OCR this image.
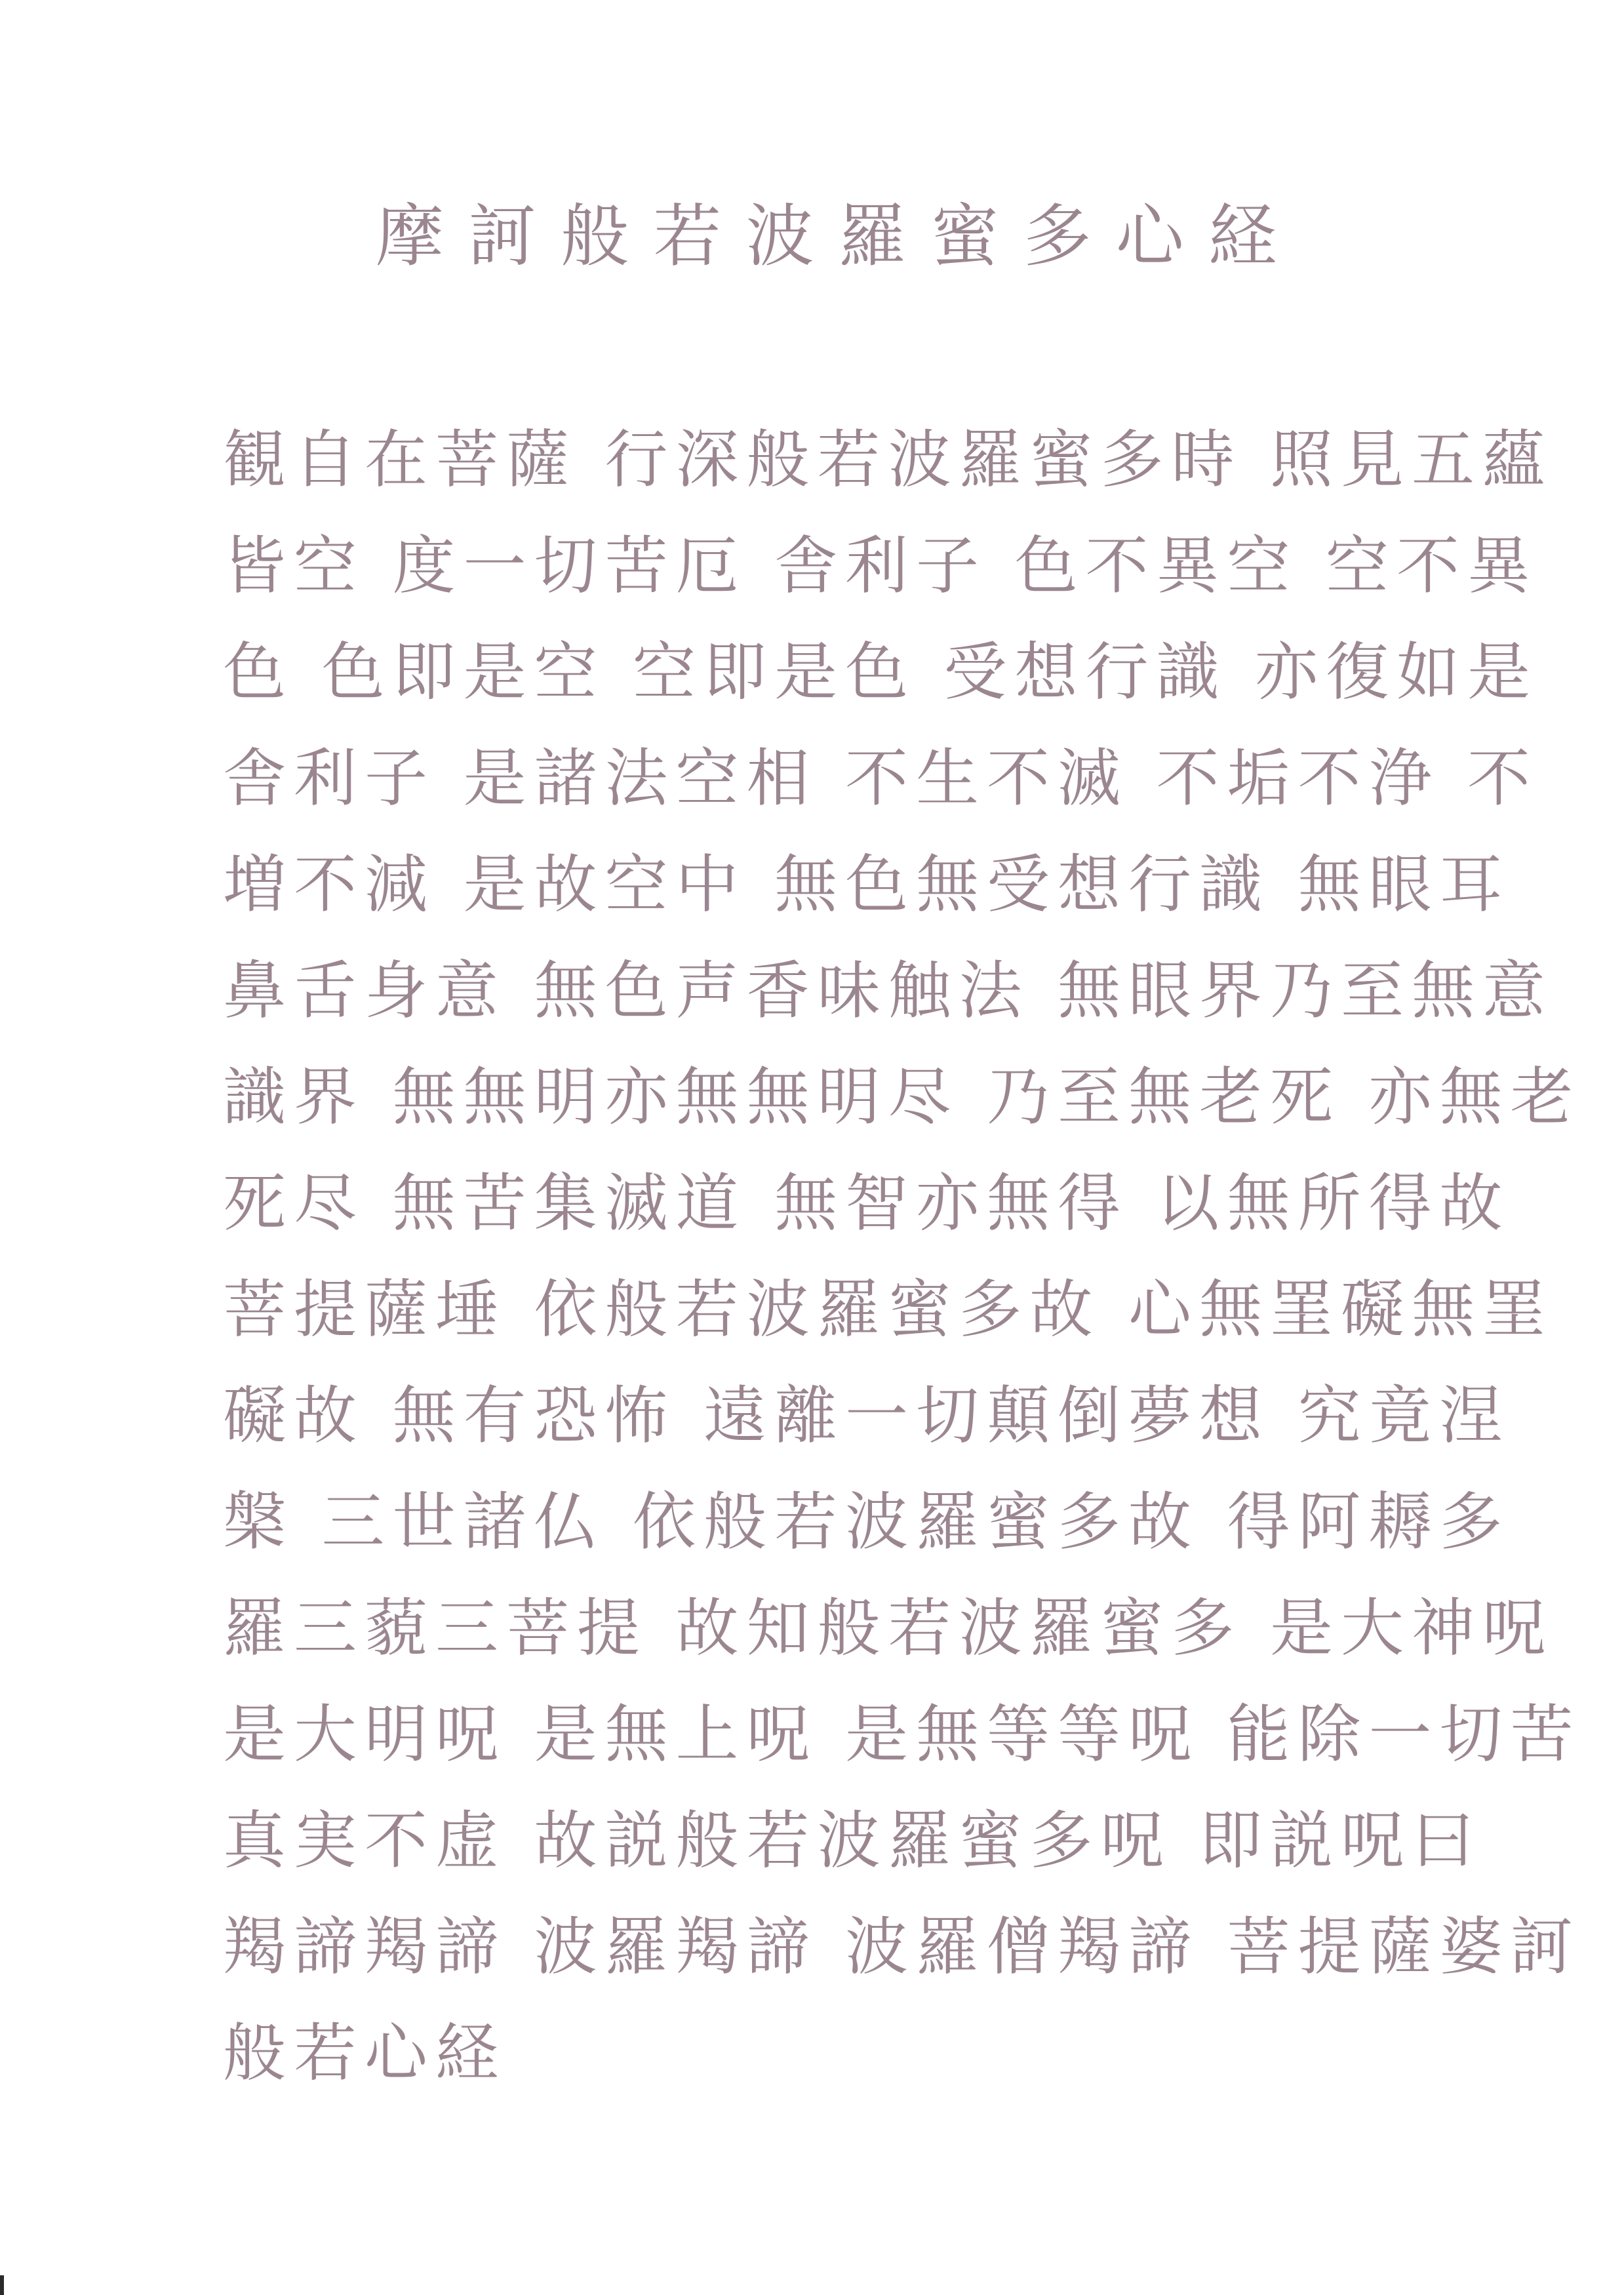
摩 訶 般 若 波 羅 蜜 多 心 経
観自在菩薩 行深般若波羅蜜多時 照見五蘊
皆空 度一切苦厄 舎利子 色不異空 空不異
色 色即是空 空即是色 受想行識 亦復如是
舎利子 是諸法空相 不生不滅 不垢不浄 不
増不減 是故空中 無色無受想行識 無眼耳
鼻舌身意 無色声香味触法 無眼界乃至無意
識界 無無明亦無無明尽 乃至無老死 亦無老
死尽 無苦集滅道 無智亦無得 以無所得故
菩提薩埵 依般若波羅蜜多故 心無罣礙無罣
礙故 無有恐怖 遠離一切顛倒夢想 究竟涅
槃 三世諸仏 依般若波羅蜜多故 得阿耨多
羅三藐三菩提 故知般若波羅蜜多 是大神呪
是大明呪 是無上呪 是無等等呪 能除一切苦
真実不虚 故説般若波羅蜜多呪 即説呪曰
羯諦羯諦 波羅羯諦 波羅僧羯諦 菩提薩婆訶
般若心経
